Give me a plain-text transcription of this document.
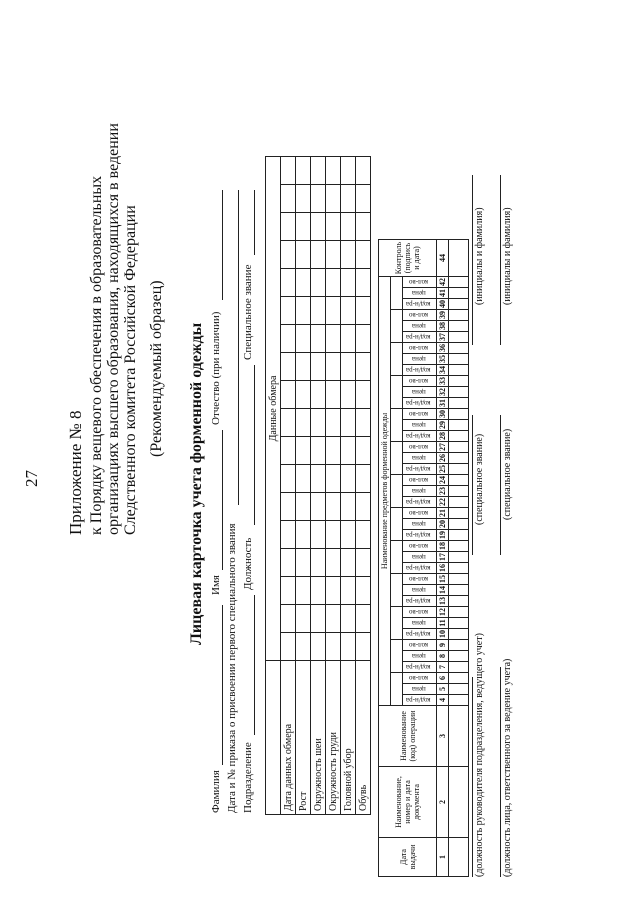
27 Приложение № 8 к Порядку вещевого обеспечения в образовательных организациях высшего образования, находящихся в ведении Следственного комитета Российской Федерации (Рекомендуемый образец) Лицевая карточка учета форменной одежды
Фамилия
Имя
Отчество (при наличии)
Дата и № приказа о присвоении первого специального звания Подразделение
Должность
Специальное звание
	Данные обмера																	
Дата данных обмера																		
Рост																		
Окружность шеи																		
Окружность груди																		
Головной убор																		
Обувь																		
Дата выдачи	Наименование, номер и дата документа	Наименование (код) операции	Наименование предметов форменной одежды																																							Контроль (подпись и дата)

			код/н-ра	цена	кол-во	код/н-ра	цена	кол-во	код/н-ра	цена	кол-во	код/н-ра	цена	кол-во	код/н-ра	цена	кол-во	код/н-ра	цена	кол-во	код/н-ра	цена	кол-во	код/н-ра	цена	кол-во	код/н-ра	цена	кол-во	код/н-ра	цена	кол-во	код/н-ра	цена	кол-во	код/н-ра	цена	кол-во	код/н-ра	цена	кол-во	
1	2	3	4	5	6	7	8	9	10	11	12	13	14	15	16	17	18	19	20	21	22	23	24	25	26	27	28	29	30	31	32	33	34	35	36	37	38	39	40	41	42	44

(должность руководителя подразделения, ведущего учет)
(специальное звание)
(инициалы и фамилия)
(должность лица, ответственного за ведение учета)
(специальное звание)
(инициалы и фамилия)
